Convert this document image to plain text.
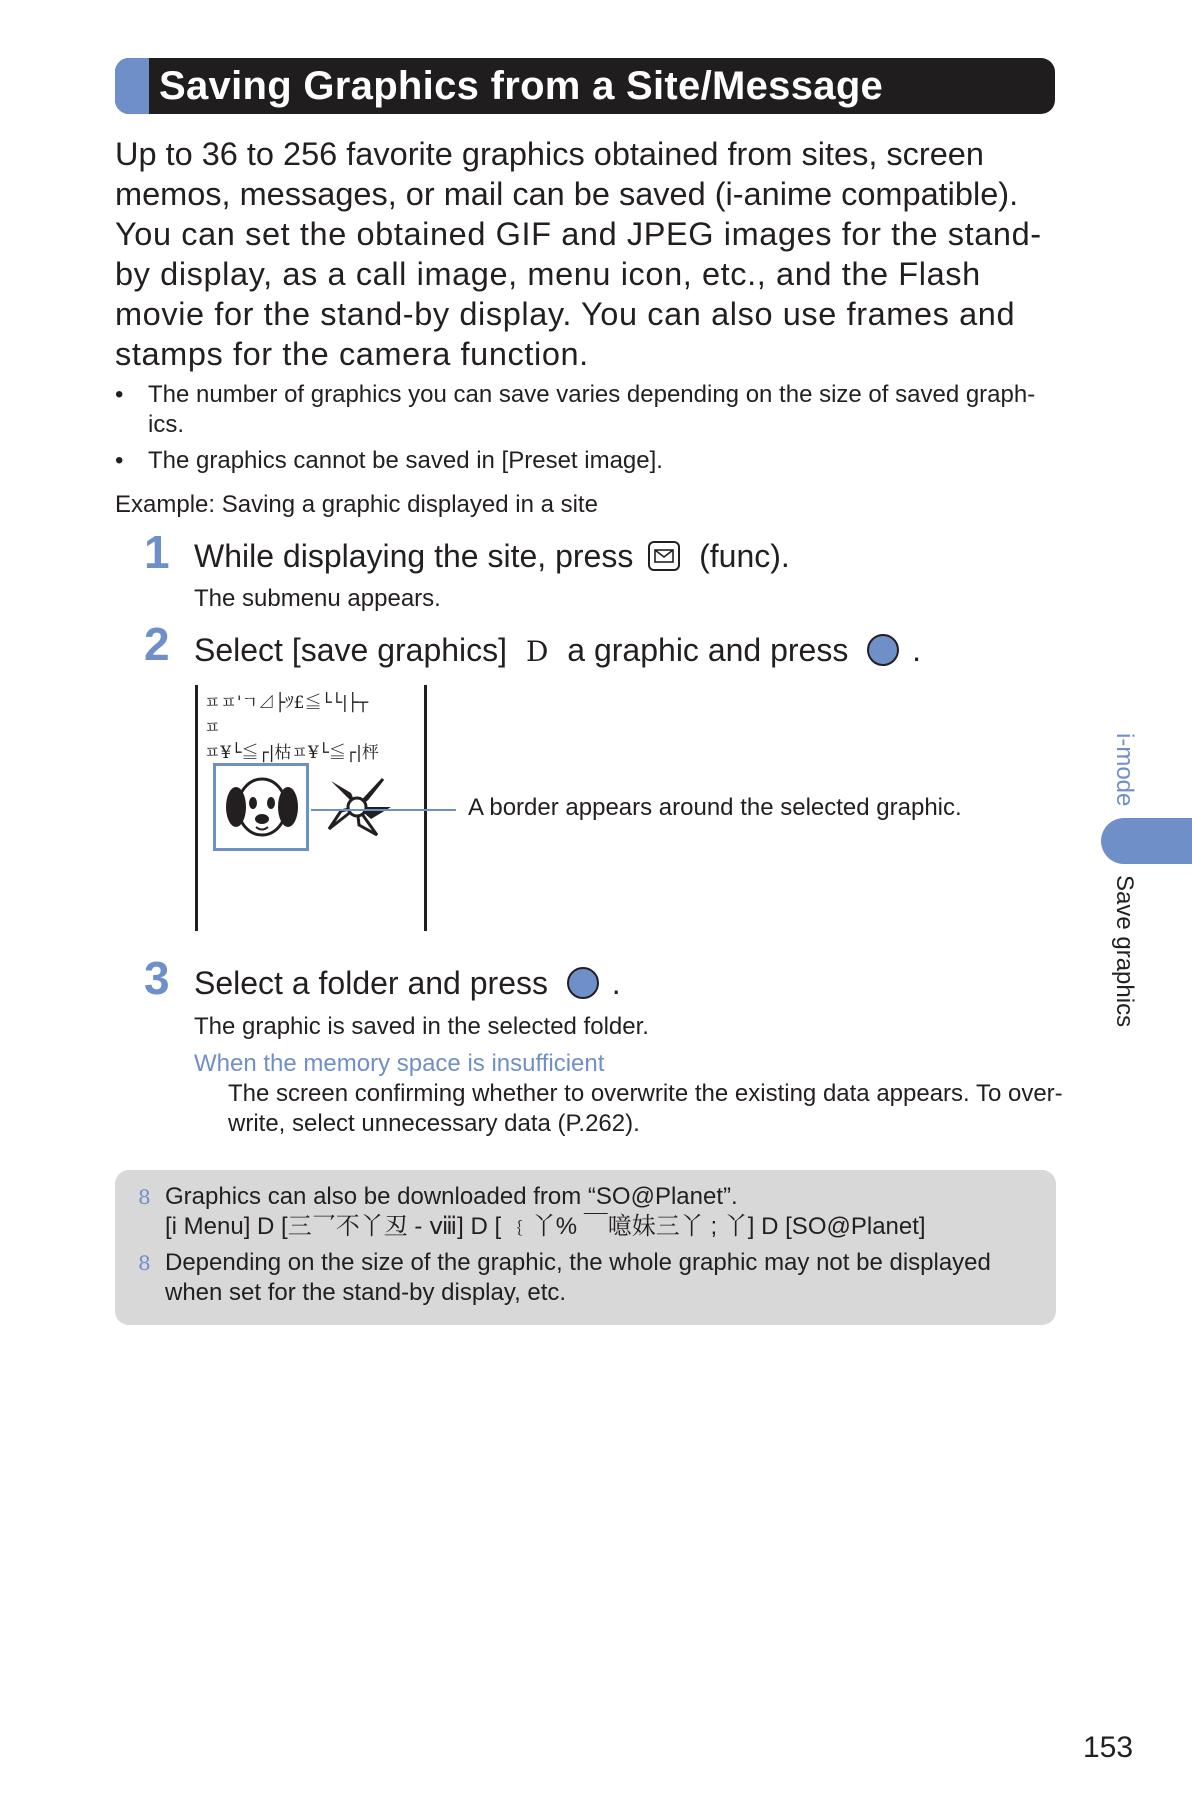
Saving Graphics from a Site/Message

Up to 36 to 256 favorite graphics obtained from sites, screen memos, messages, or mail can be saved (i-anime compatible).

You can set the obtained GIF and JPEG images for the stand-by display, as a call image, menu icon, etc., and the Flash movie for the stand-by display. You can also use frames and stamps for the camera function.

• The number of graphics you can save varies depending on the size of saved graph- ics.
• The graphics cannot be saved in [Preset image].
Example: Saving a graphic displayed in a site
1 While displaying the site, press (func).
The submenu appears.
2 Select [save graphics] D a graphic and press .
ㅍㅍ'ㄱ⊿├ﾂ£≦└└|├┬
ㅍ
ㅍ¥└≦┌|枯ㅍ¥└≦┌|枰
A border appears around the selected graphic.
3 Select a folder and press .
The graphic is saved in the selected folder.
When the memory space is insufficient
The screen confirming whether to overwrite the existing data appears. To over-
write, select unnecessary data (P.262).
8 Graphics can also be downloaded from “SO@Planet”.
[i Menu] D [三乛不丫丒 - ⅷ] D [ ﹛丫% ￣噫妹三丫 ; 丫] D [SO@Planet]
8 Depending on the size of the graphic, the whole graphic may not be displayed
when set for the stand-by display, etc.
i-mode
Save graphics
153
